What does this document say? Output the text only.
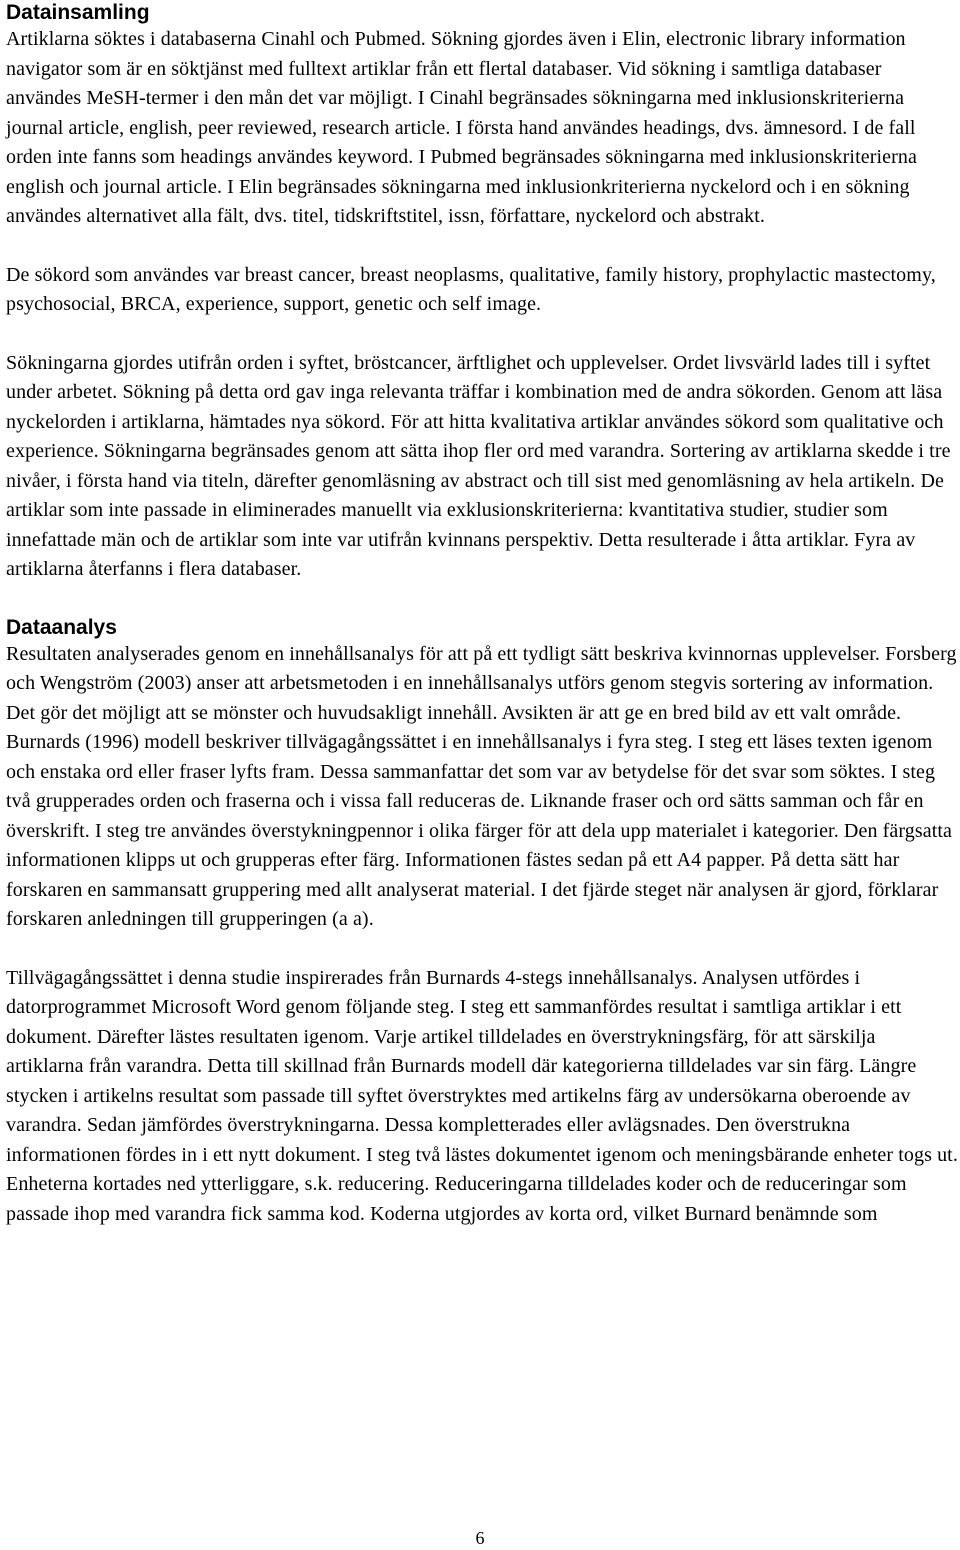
Datainsamling

Artiklarna söktes i databaserna Cinahl och Pubmed. Sökning gjordes även i Elin, electronic library information navigator som är en söktjänst med fulltext artiklar från ett flertal databaser. Vid sökning i samtliga databaser användes MeSH-termer i den mån det var möjligt. I Cinahl begränsades sökningarna med inklusionskriterierna journal article, english, peer reviewed, research article. I första hand användes headings, dvs. ämnesord. I de fall orden inte fanns som headings användes keyword. I Pubmed begränsades sökningarna med inklusionskriterierna english och journal article. I Elin begränsades sökningarna med inklusionkriterierna nyckelord och i en sökning användes alternativet alla fält, dvs. titel, tidskriftstitel, issn, författare, nyckelord och abstrakt.

De sökord som användes var breast cancer, breast neoplasms, qualitative, family history, prophylactic mastectomy, psychosocial, BRCA, experience, support, genetic och self image.

Sökningarna gjordes utifrån orden i syftet, bröstcancer, ärftlighet och upplevelser. Ordet livsvärld lades till i syftet under arbetet. Sökning på detta ord gav inga relevanta träffar i kombination med de andra sökorden. Genom att läsa nyckelorden i artiklarna, hämtades nya sökord. För att hitta kvalitativa artiklar användes sökord som qualitative och experience. Sökningarna begränsades genom att sätta ihop fler ord med varandra. Sortering av artiklarna skedde i tre nivåer, i första hand via titeln, därefter genomläsning av abstract och till sist med genomläsning av hela artikeln. De artiklar som inte passade in eliminerades manuellt via exklusionskriterierna: kvantitativa studier, studier som innefattade män och de artiklar som inte var utifrån kvinnans perspektiv. Detta resulterade i åtta artiklar. Fyra av artiklarna återfanns i flera databaser.

Dataanalys

Resultaten analyserades genom en innehållsanalys för att på ett tydligt sätt beskriva kvinnornas upplevelser. Forsberg och Wengström (2003) anser att arbetsmetoden i en innehållsanalys utförs genom stegvis sortering av information. Det gör det möjligt att se mönster och huvudsakligt innehåll. Avsikten är att ge en bred bild av ett valt område. Burnards (1996) modell beskriver tillvägagångssättet i en innehållsanalys i fyra steg. I steg ett läses texten igenom och enstaka ord eller fraser lyfts fram. Dessa sammanfattar det som var av betydelse för det svar som söktes. I steg två grupperades orden och fraserna och i vissa fall reduceras de. Liknande fraser och ord sätts samman och får en överskrift. I steg tre användes överstykningpennor i olika färger för att dela upp materialet i kategorier. Den färgsatta informationen klipps ut och grupperas efter färg. Informationen fästes sedan på ett A4 papper. På detta sätt har forskaren en sammansatt gruppering med allt analyserat material. I det fjärde steget när analysen är gjord, förklarar forskaren anledningen till grupperingen (a a).

Tillvägagångssättet i denna studie inspirerades från Burnards 4-stegs innehållsanalys. Analysen utfördes i datorprogrammet Microsoft Word genom följande steg. I steg ett sammanfördes resultat i samtliga artiklar i ett dokument. Därefter lästes resultaten igenom. Varje artikel tilldelades en överstrykningsfärg, för att särskilja artiklarna från varandra. Detta till skillnad från Burnards modell där kategorierna tilldelades var sin färg. Längre stycken i artikelns resultat som passade till syftet överstryktes med artikelns färg av undersökarna oberoende av varandra. Sedan jämfördes överstrykningarna. Dessa kompletterades eller avlägsnades. Den överstrukna informationen fördes in i ett nytt dokument. I steg två lästes dokumentet igenom och meningsbärande enheter togs ut. Enheterna kortades ned ytterliggare, s.k. reducering. Reduceringarna tilldelades koder och de reduceringar som passade ihop med varandra fick samma kod. Koderna utgjordes av korta ord, vilket Burnard benämnde som

6
